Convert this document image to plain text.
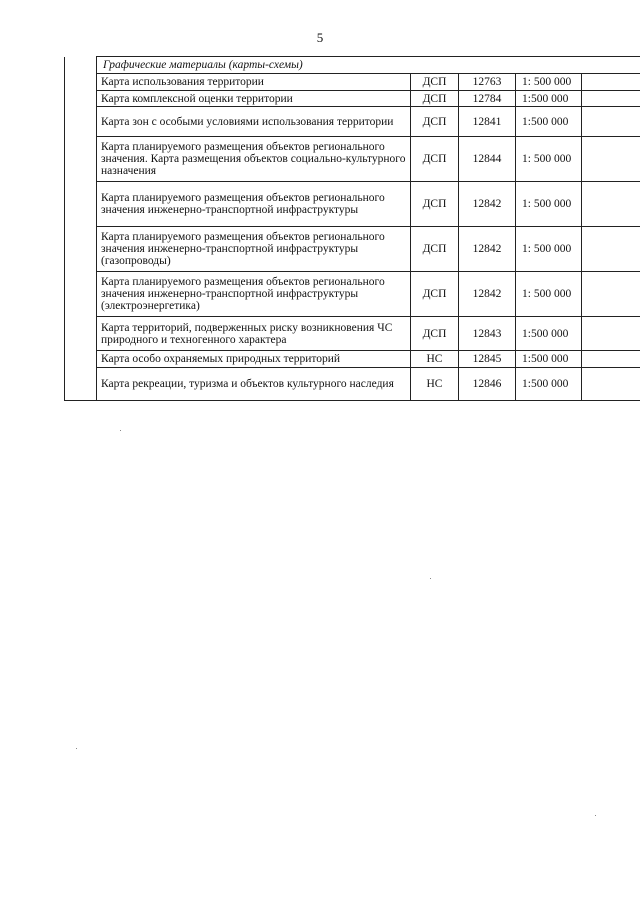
5
	Графические материалы (карты-схемы)				
	Карта использования территории	ДСП	12763	1: 500 000	
	Карта комплексной оценки территории	ДСП	12784	1:500 000	
	Карта зон с особыми условиями использования территории	ДСП	12841	1:500 000	
	Карта планируемого размещения объектов регионального значения. Карта размещения объектов социально-культурного назначения	ДСП	12844	1: 500 000	
	Карта планируемого размещения объектов регионального значения инженерно-транспортной инфраструктуры	ДСП	12842	1: 500 000	
	Карта планируемого размещения объектов регионального значения инженерно-транспортной инфраструктуры (газопроводы)	ДСП	12842	1: 500 000	
	Карта планируемого размещения объектов регионального значения инженерно-транспортной инфраструктуры (электроэнергетика)	ДСП	12842	1: 500 000	
	Карта территорий, подверженных риску возникновения ЧС природного и техногенного характера	ДСП	12843	1:500 000	
	Карта особо охраняемых природных территорий	НС	12845	1:500 000	
	Карта рекреации, туризма и объектов культурного наследия	НС	12846	1:500 000	
